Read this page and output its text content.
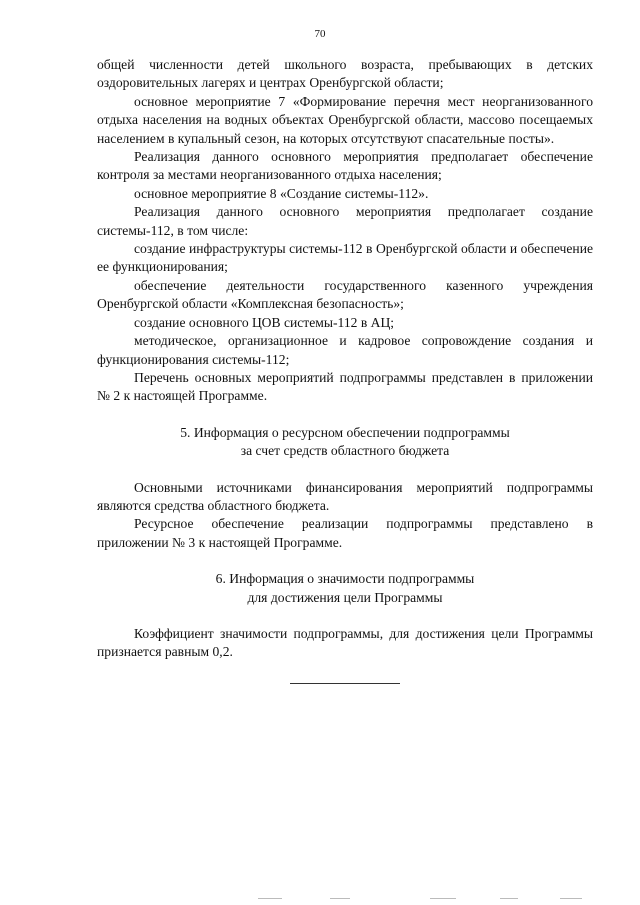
70

общей численности детей школьного возраста, пребывающих в детских оздоровительных лагерях и центрах Оренбургской области;

основное мероприятие 7 «Формирование перечня мест неорганизованного отдыха населения на водных объектах Оренбургской области, массово посещаемых населением в купальный сезон, на которых отсутствуют спасательные посты».

Реализация данного основного мероприятия предполагает обеспечение контроля за местами неорганизованного отдыха населения;

основное мероприятие 8 «Создание системы-112».

Реализация данного основного мероприятия предполагает создание системы-112, в том числе:

создание инфраструктуры системы-112 в Оренбургской области и обеспечение ее функционирования;

обеспечение деятельности государственного казенного учреждения Оренбургской области «Комплексная безопасность»;

создание основного ЦОВ системы-112 в АЦ;

методическое, организационное и кадровое сопровождение создания и функционирования системы-112;

Перечень основных мероприятий подпрограммы представлен в приложении № 2 к настоящей Программе.

5. Информация о ресурсном обеспечении подпрограммы

за счет средств областного бюджета

Основными источниками финансирования мероприятий подпрограммы являются средства областного бюджета.

Ресурсное обеспечение реализации подпрограммы представлено в приложении № 3 к настоящей Программе.

6. Информация о значимости подпрограммы

для достижения цели Программы

Коэффициент значимости подпрограммы, для достижения цели Программы признается равным 0,2.
